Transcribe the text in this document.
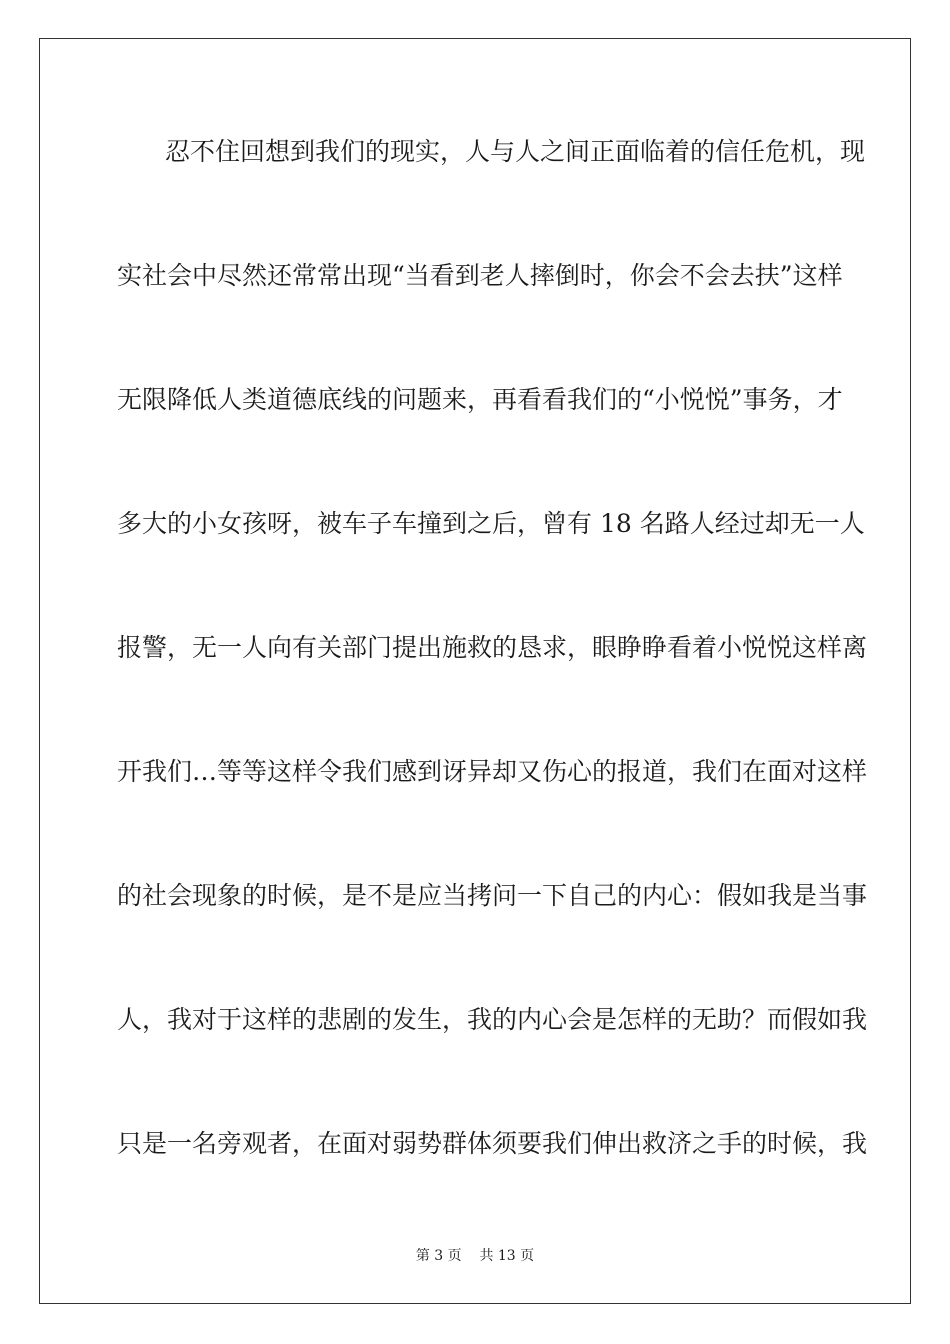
忍不住回想到我们的现实，人与人之间正面临着的信任危机，现
实社会中尽然还常常出现“当看到老人摔倒时，你会不会去扶”这样
无限降低人类道德底线的问题来，再看看我们的“小悦悦”事务，才
多大的小女孩呀，被车子车撞到之后，曾有 18 名路人经过却无一人
报警，无一人向有关部门提出施救的恳求，眼睁睁看着小悦悦这样离
开我们…等等这样令我们感到讶异却又伤心的报道，我们在面对这样
的社会现象的时候，是不是应当拷问一下自己的内心：假如我是当事
人，我对于这样的悲剧的发生，我的内心会是怎样的无助？而假如我
只是一名旁观者，在面对弱势群体须要我们伸出救济之手的时候，我
第 3 页 共 13 页
